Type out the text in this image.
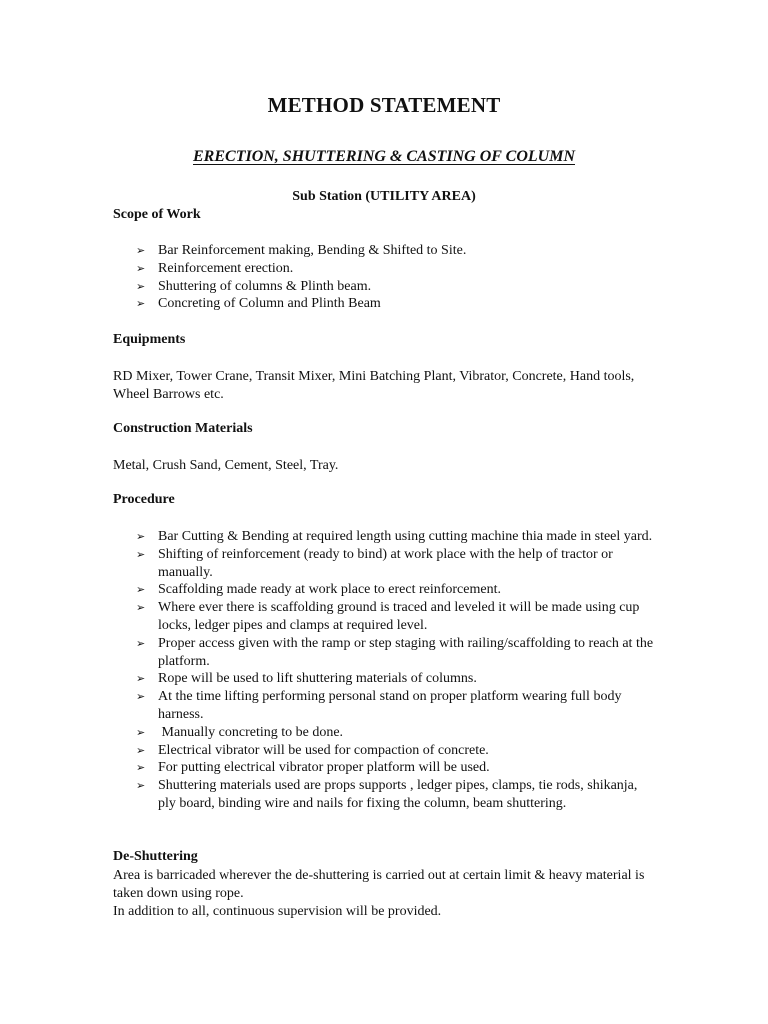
METHOD STATEMENT
ERECTION, SHUTTERING & CASTING OF COLUMN
Sub Station (UTILITY AREA)
Scope of Work
➢ Bar Reinforcement making, Bending & Shifted to Site.
➢ Reinforcement erection.
➢ Shuttering of columns & Plinth beam.
➢ Concreting of Column and Plinth Beam
Equipments
RD Mixer, Tower Crane, Transit Mixer, Mini Batching Plant, Vibrator, Concrete, Hand tools, Wheel Barrows etc.
Construction Materials
Metal, Crush Sand, Cement, Steel, Tray.
Procedure
➢ Bar Cutting & Bending at required length using cutting machine thia made in steel yard.
➢ Shifting of reinforcement (ready to bind) at work place with the help of tractor or manually.
➢ Scaffolding made ready at work place to erect reinforcement.
➢ Where ever there is scaffolding ground is traced and leveled it will be made using cup locks, ledger pipes and clamps at required level.
➢ Proper access given with the ramp or step staging with railing/scaffolding to reach at the platform.
➢ Rope will be used to lift shuttering materials of columns.
➢ At the time lifting performing personal stand on proper platform wearing full body harness.
➢ Manually concreting to be done.
➢ Electrical vibrator will be used for compaction of concrete.
➢ For putting electrical vibrator proper platform will be used.
➢ Shuttering materials used are props supports , ledger pipes, clamps, tie rods, shikanja, ply board, binding wire and nails for fixing the column, beam shuttering.
De-Shuttering
Area is barricaded wherever the de-shuttering is carried out at certain limit & heavy material is taken down using rope.
In addition to all, continuous supervision will be provided.
